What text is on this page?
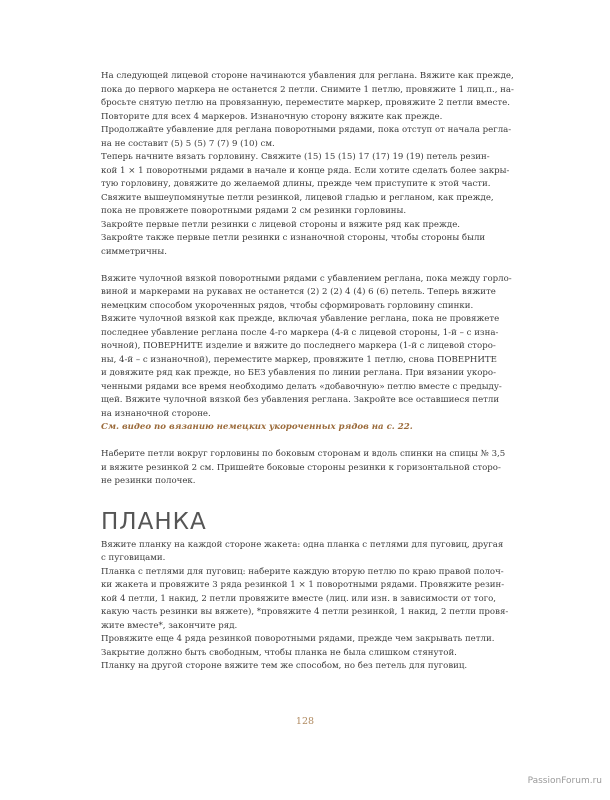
На следующей лицевой стороне начинаются убавления для реглана. Вяжите как прежде,

пока до первого маркера не останется 2 петли. Снимите 1 петлю, провяжите 1 лиц.п., на-

бросьте снятую петлю на провязанную, переместите маркер, провяжите 2 петли вместе.

Повторите для всех 4 маркеров. Изнаночную сторону вяжите как прежде.

Продолжайте убавление для реглана поворотными рядами, пока отступ от начала регла-

на не составит (5) 5 (5) 7 (7) 9 (10) см.

Теперь начните вязать горловину. Свяжите (15) 15 (15) 17 (17) 19 (19) петель резин-

кой 1 × 1 поворотными рядами в начале и конце ряда. Если хотите сделать более закры-

тую горловину, довяжите до желаемой длины, прежде чем приступите к этой части.

Свяжите вышеупомянутые петли резинкой, лицевой гладью и регланом, как прежде,

пока не провяжете поворотными рядами 2 см резинки горловины.

Закройте первые петли резинки с лицевой стороны и вяжите ряд как прежде.

Закройте также первые петли резинки с изнаночной стороны, чтобы стороны были

симметричны.

Вяжите чулочной вязкой поворотными рядами с убавлением реглана, пока между горло-

виной и маркерами на рукавах не останется (2) 2 (2) 4 (4) 6 (6) петель. Теперь вяжите

немецким способом укороченных рядов, чтобы сформировать горловину спинки.

Вяжите чулочной вязкой как прежде, включая убавление реглана, пока не провяжете

последнее убавление реглана после 4-го маркера (4-й с лицевой стороны, 1-й – с изна-

ночной), ПОВЕРНИТЕ изделие и вяжите до последнего маркера (1-й с лицевой сторо-

ны, 4-й – с изнаночной), переместите маркер, провяжите 1 петлю, снова ПОВЕРНИТЕ

и довяжите ряд как прежде, но БЕЗ убавления по линии реглана. При вязании укоро-

ченными рядами все время необходимо делать «добавочную» петлю вместе с предыду-

щей. Вяжите чулочной вязкой без убавления реглана. Закройте все оставшиеся петли

на изнаночной стороне.

См. видео по вязанию немецких укороченных рядов на с. 22.

Наберите петли вокруг горловины по боковым сторонам и вдоль спинки на спицы № 3,5

и вяжите резинкой 2 см. Пришейте боковые стороны резинки к горизонтальной сторо-

не резинки полочек.

ПЛАНКА

Вяжите планку на каждой стороне жакета: одна планка с петлями для пуговиц, другая

с пуговицами.

Планка с петлями для пуговиц: наберите каждую вторую петлю по краю правой полоч-

ки жакета и провяжите 3 ряда резинкой 1 × 1 поворотными рядами. Провяжите резин-

кой 4 петли, 1 накид, 2 петли провяжите вместе (лиц. или изн. в зависимости от того,

какую часть резинки вы вяжете), *провяжите 4 петли резинкой, 1 накид, 2 петли провя-

жите вместе*, закончите ряд.

Провяжите еще 4 ряда резинкой поворотными рядами, прежде чем закрывать петли.

Закрытие должно быть свободным, чтобы планка не была слишком стянутой.

Планку на другой стороне вяжите тем же способом, но без петель для пуговиц.

128
PassionForum.ru
